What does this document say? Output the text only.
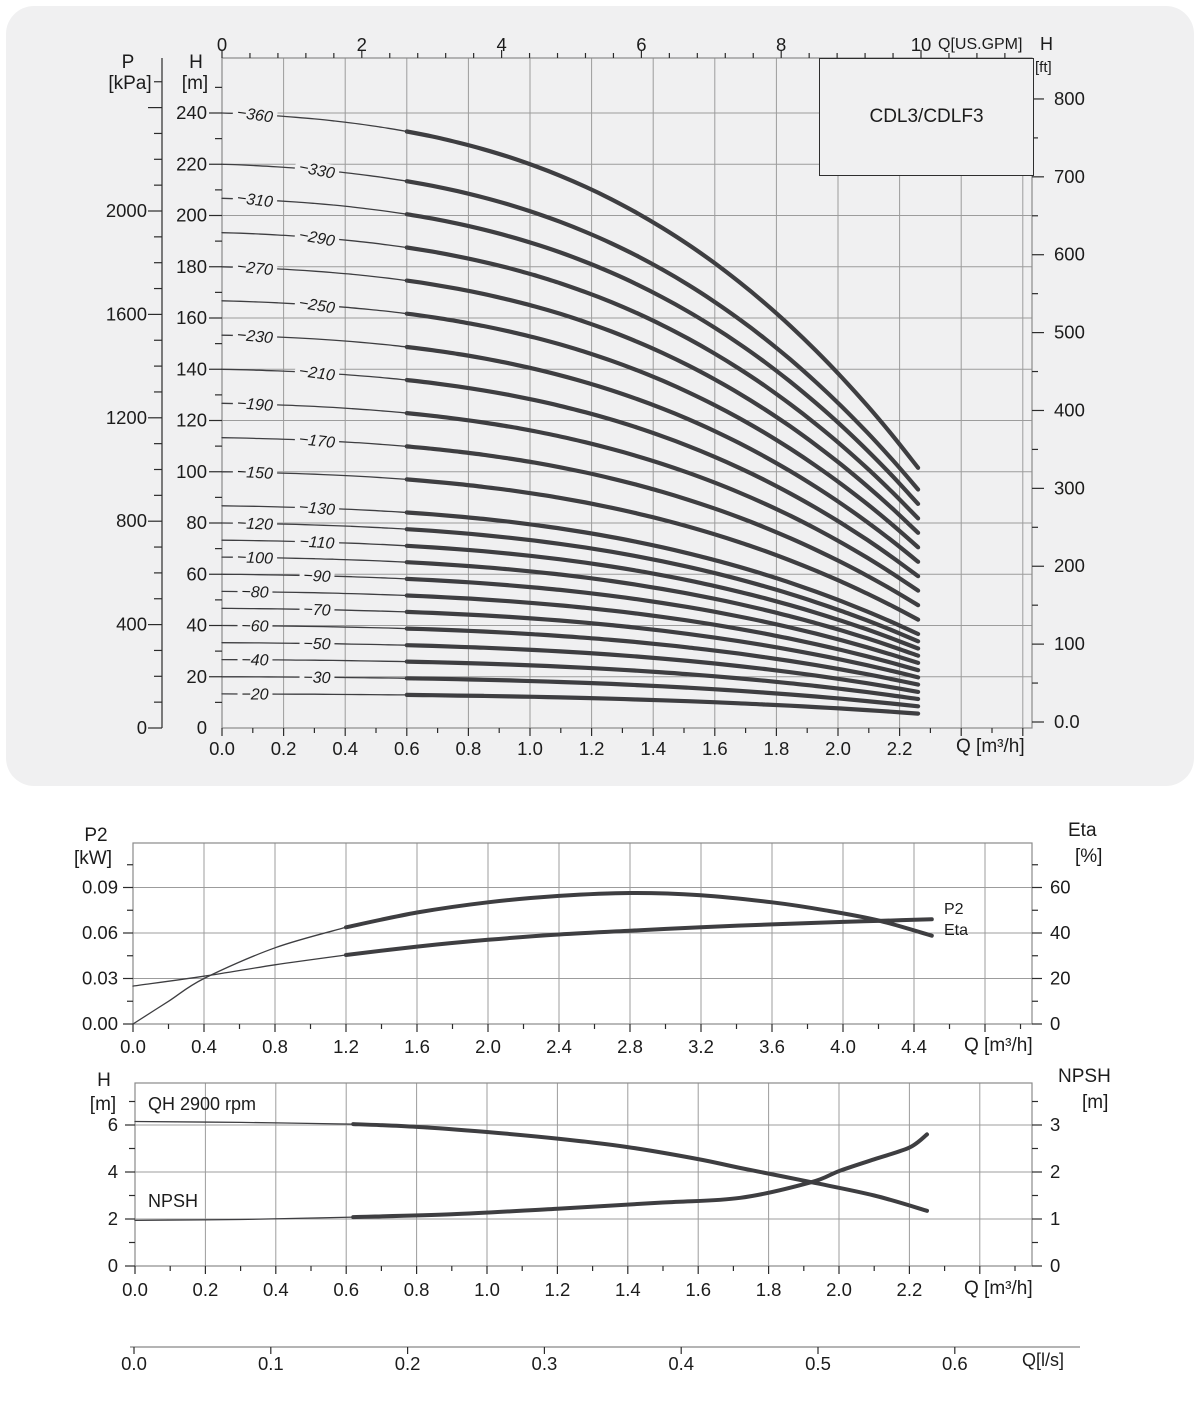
−360
−330
−310
−290
−270
−250
−230
−210
−190
−170
−150
−130
−120
−110
−100
−90
−80
−70
−60
−50
−40
−30
−20
240
220
200
180
160
140
120
100
80
60
40
20
0
2000
1600
1200
800
400
0
800
700
600
500
400
300
200
100
0.0
0	2	4	6	8	10
0.0 0.2 0.4 0.6 0.8 1.0 1.2 1.4 1.6 1.8 2.0 2.2
0.09
0.06
0.03
0.00
60
40
20
0
0.0 0.4 0.8 1.2 1.6 2.0 2.4 2.8 3.2 3.6 4.0 4.4
6
4
2
0
3
2
1
0
0.0 0.2 0.4 0.6 0.8 1.0 1.2 1.4 1.6 1.8 2.0 2.2
0.0	0.1	0.2	0.3	0.4	0.5	0.6
CDL3/CDLF3
P
[kPa]
H
[m]
Q[US.GPM] H
[ft]
Q [m³/h]
P2
[kW]
Eta
[%]
P2
Eta
Q [m³/h]
H
[m]
NPSH
[m]
QH 2900 rpm
NPSH
Q [m³/h]
Q[l/s]
